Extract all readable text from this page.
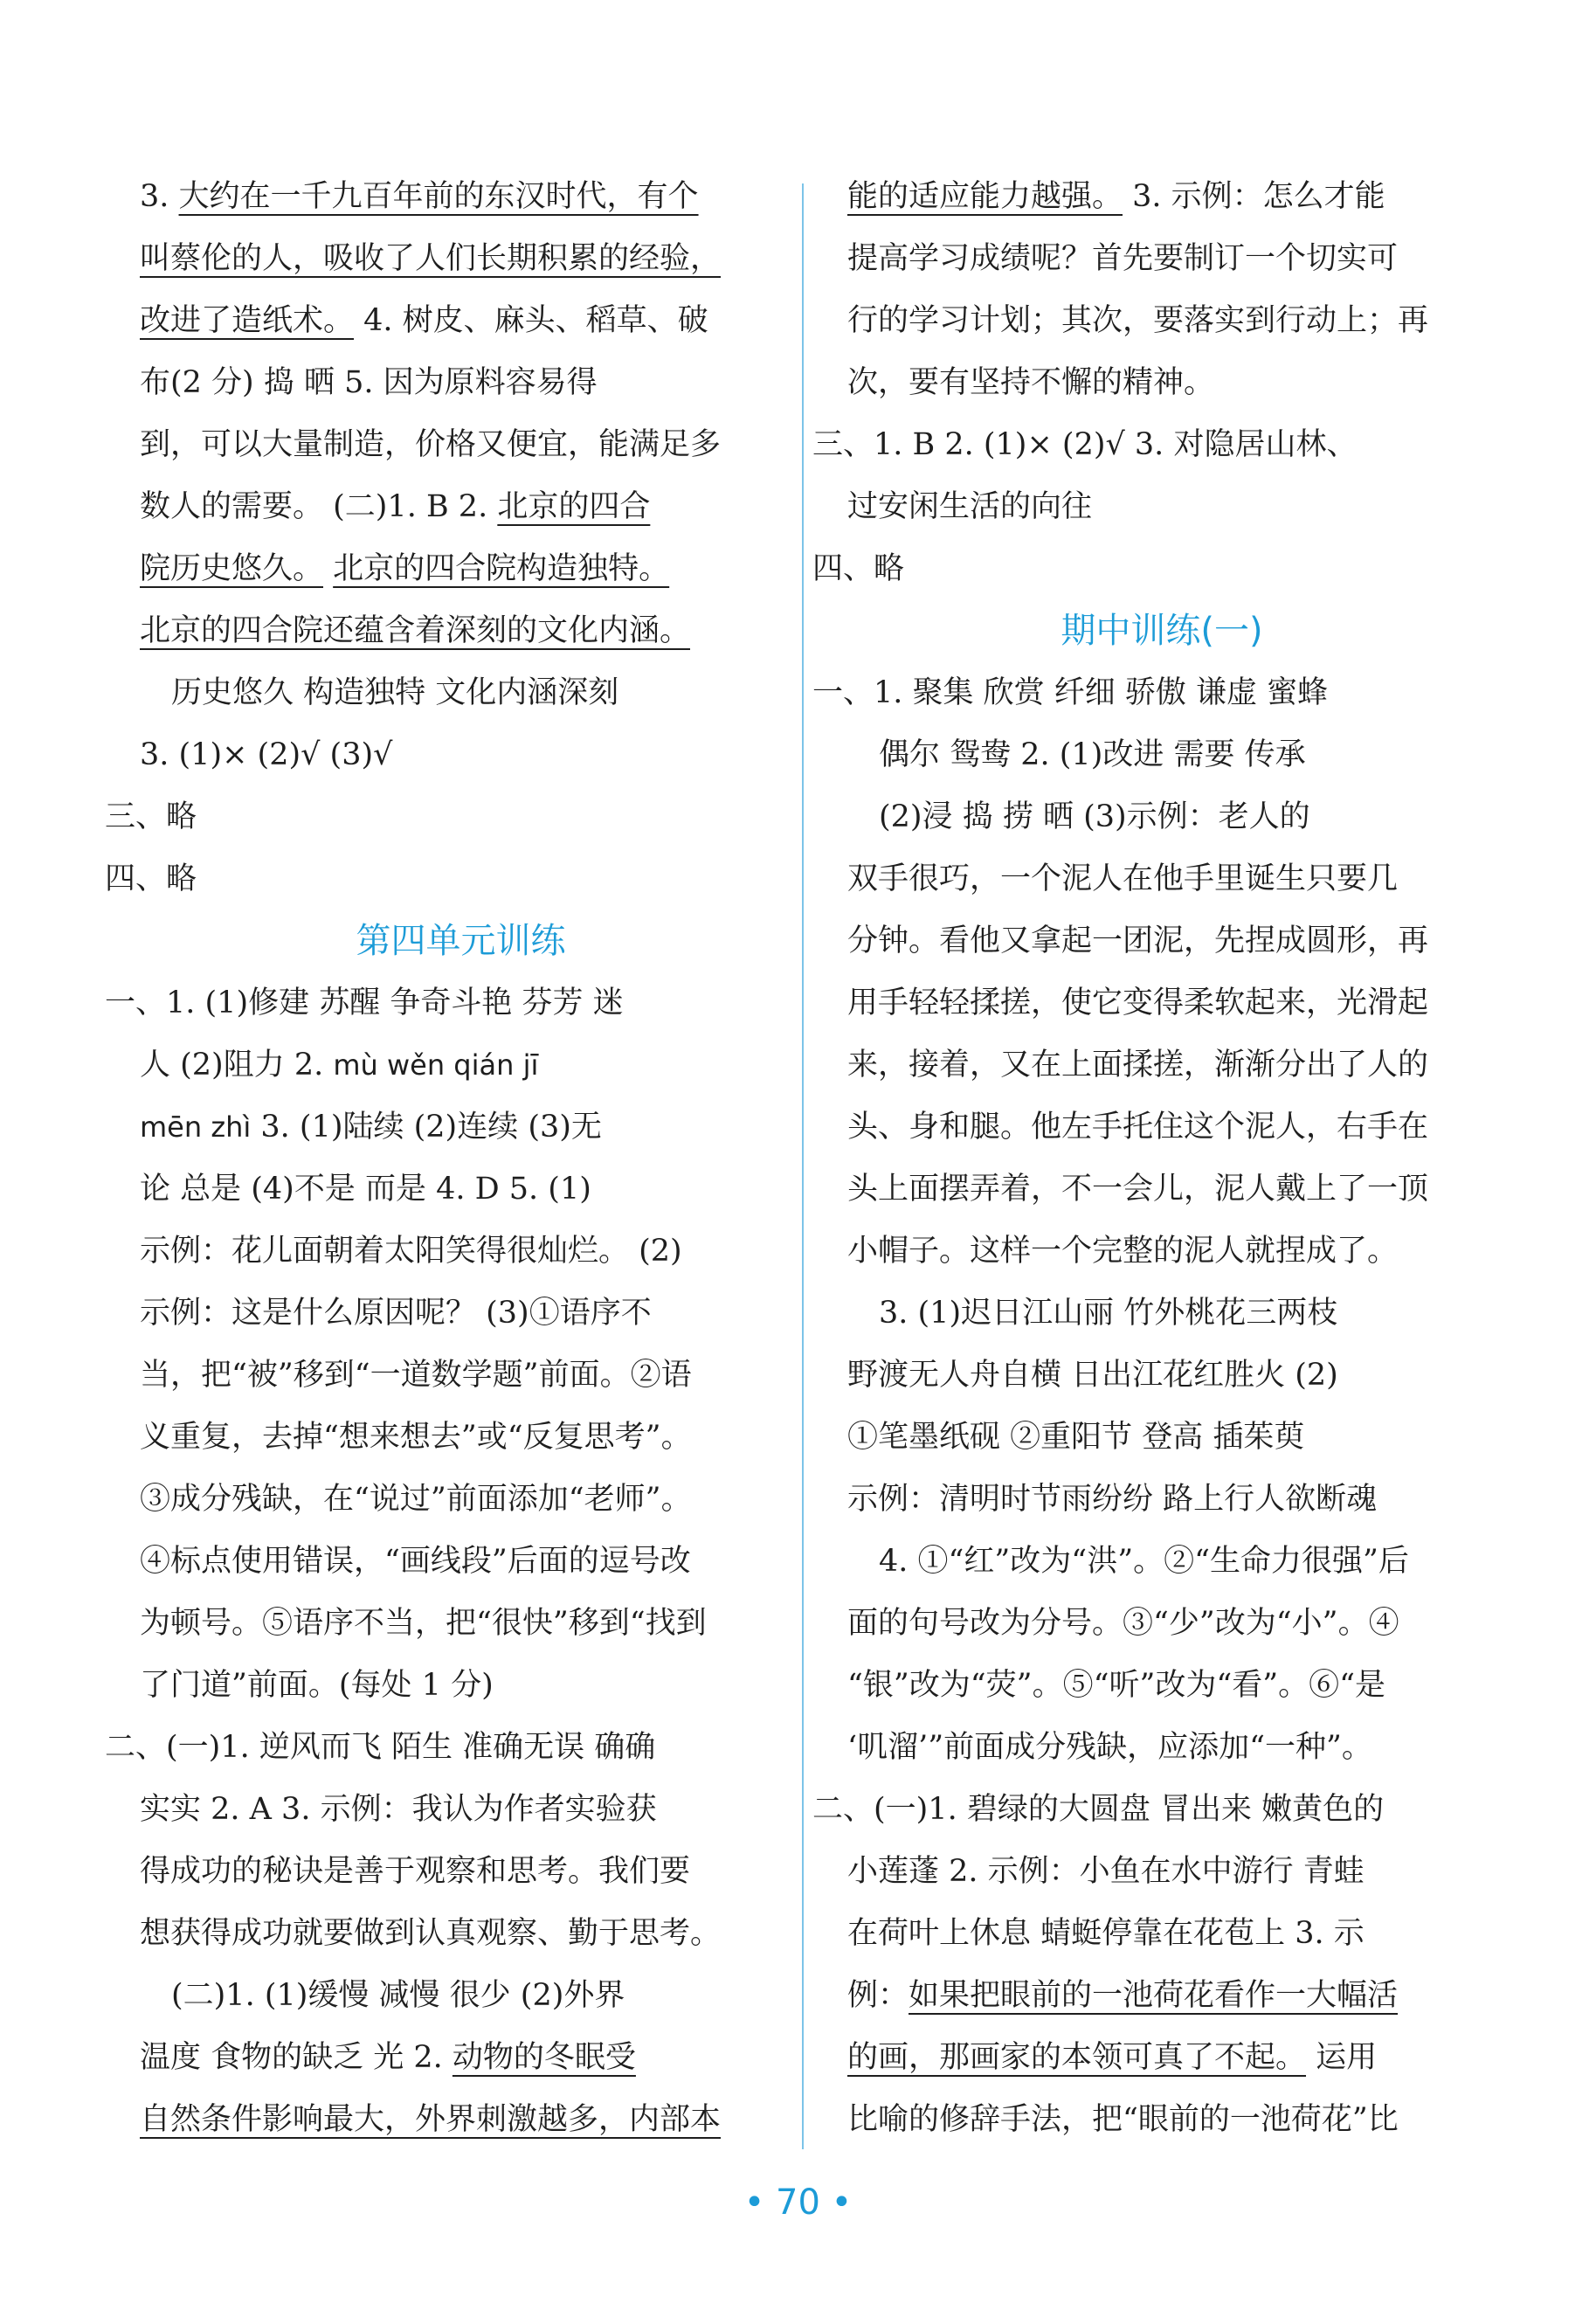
3. 大约在一千九百年前的东汉时代，有个
叫蔡伦的人，吸收了人们长期积累的经验，
改进了造纸术。 4. 树皮、麻头、稻草、破
布(2 分) 捣 晒 5. 因为原料容易得
到，可以大量制造，价格又便宜，能满足多
数人的需要。 (二)1. B 2. 北京的四合
院历史悠久。 北京的四合院构造独特。
北京的四合院还蕴含着深刻的文化内涵。
历史悠久 构造独特 文化内涵深刻
3. (1)× (2)√ (3)√
三、略
四、略
第四单元训练
一、1. (1)修建 苏醒 争奇斗艳 芬芳 迷
人 (2)阻力 2. mù wěn qián jī
mēn zhì 3. (1)陆续 (2)连续 (3)无
论 总是 (4)不是 而是 4. D 5. (1)
示例：花儿面朝着太阳笑得很灿烂。 (2)
示例：这是什么原因呢？ (3)①语序不
当，把“被”移到“一道数学题”前面。②语
义重复，去掉“想来想去”或“反复思考”。
③成分残缺，在“说过”前面添加“老师”。
④标点使用错误，“画线段”后面的逗号改
为顿号。⑤语序不当，把“很快”移到“找到
了门道”前面。(每处 1 分)
二、(一)1. 逆风而飞 陌生 准确无误 确确
实实 2. A 3. 示例：我认为作者实验获
得成功的秘诀是善于观察和思考。我们要
想获得成功就要做到认真观察、勤于思考。
(二)1. (1)缓慢 减慢 很少 (2)外界
温度 食物的缺乏 光 2. 动物的冬眠受
自然条件影响最大，外界刺激越多，内部本
能的适应能力越强。 3. 示例：怎么才能
提高学习成绩呢？首先要制订一个切实可
行的学习计划；其次，要落实到行动上；再
次，要有坚持不懈的精神。
三、1. B 2. (1)× (2)√ 3. 对隐居山林、
过安闲生活的向往
四、略
期中训练(一)
一、1. 聚集 欣赏 纤细 骄傲 谦虚 蜜蜂
偶尔 鸳鸯 2. (1)改进 需要 传承
(2)浸 捣 捞 晒 (3)示例：老人的
双手很巧，一个泥人在他手里诞生只要几
分钟。看他又拿起一团泥，先捏成圆形，再
用手轻轻揉搓，使它变得柔软起来，光滑起
来，接着，又在上面揉搓，渐渐分出了人的
头、身和腿。他左手托住这个泥人，右手在
头上面摆弄着，不一会儿，泥人戴上了一顶
小帽子。这样一个完整的泥人就捏成了。
3. (1)迟日江山丽 竹外桃花三两枝
野渡无人舟自横 日出江花红胜火 (2)
①笔墨纸砚 ②重阳节 登高 插茱萸
示例：清明时节雨纷纷 路上行人欲断魂
4. ①“红”改为“洪”。②“生命力很强”后
面的句号改为分号。③“少”改为“小”。④
“银”改为“荧”。⑤“听”改为“看”。⑥“是
‘叽溜’”前面成分残缺，应添加“一种”。
二、(一)1. 碧绿的大圆盘 冒出来 嫩黄色的
小莲蓬 2. 示例：小鱼在水中游行 青蛙
在荷叶上休息 蜻蜓停靠在花苞上 3. 示
例：如果把眼前的一池荷花看作一大幅活
的画，那画家的本领可真了不起。 运用
比喻的修辞手法，把“眼前的一池荷花”比
• 70 •
